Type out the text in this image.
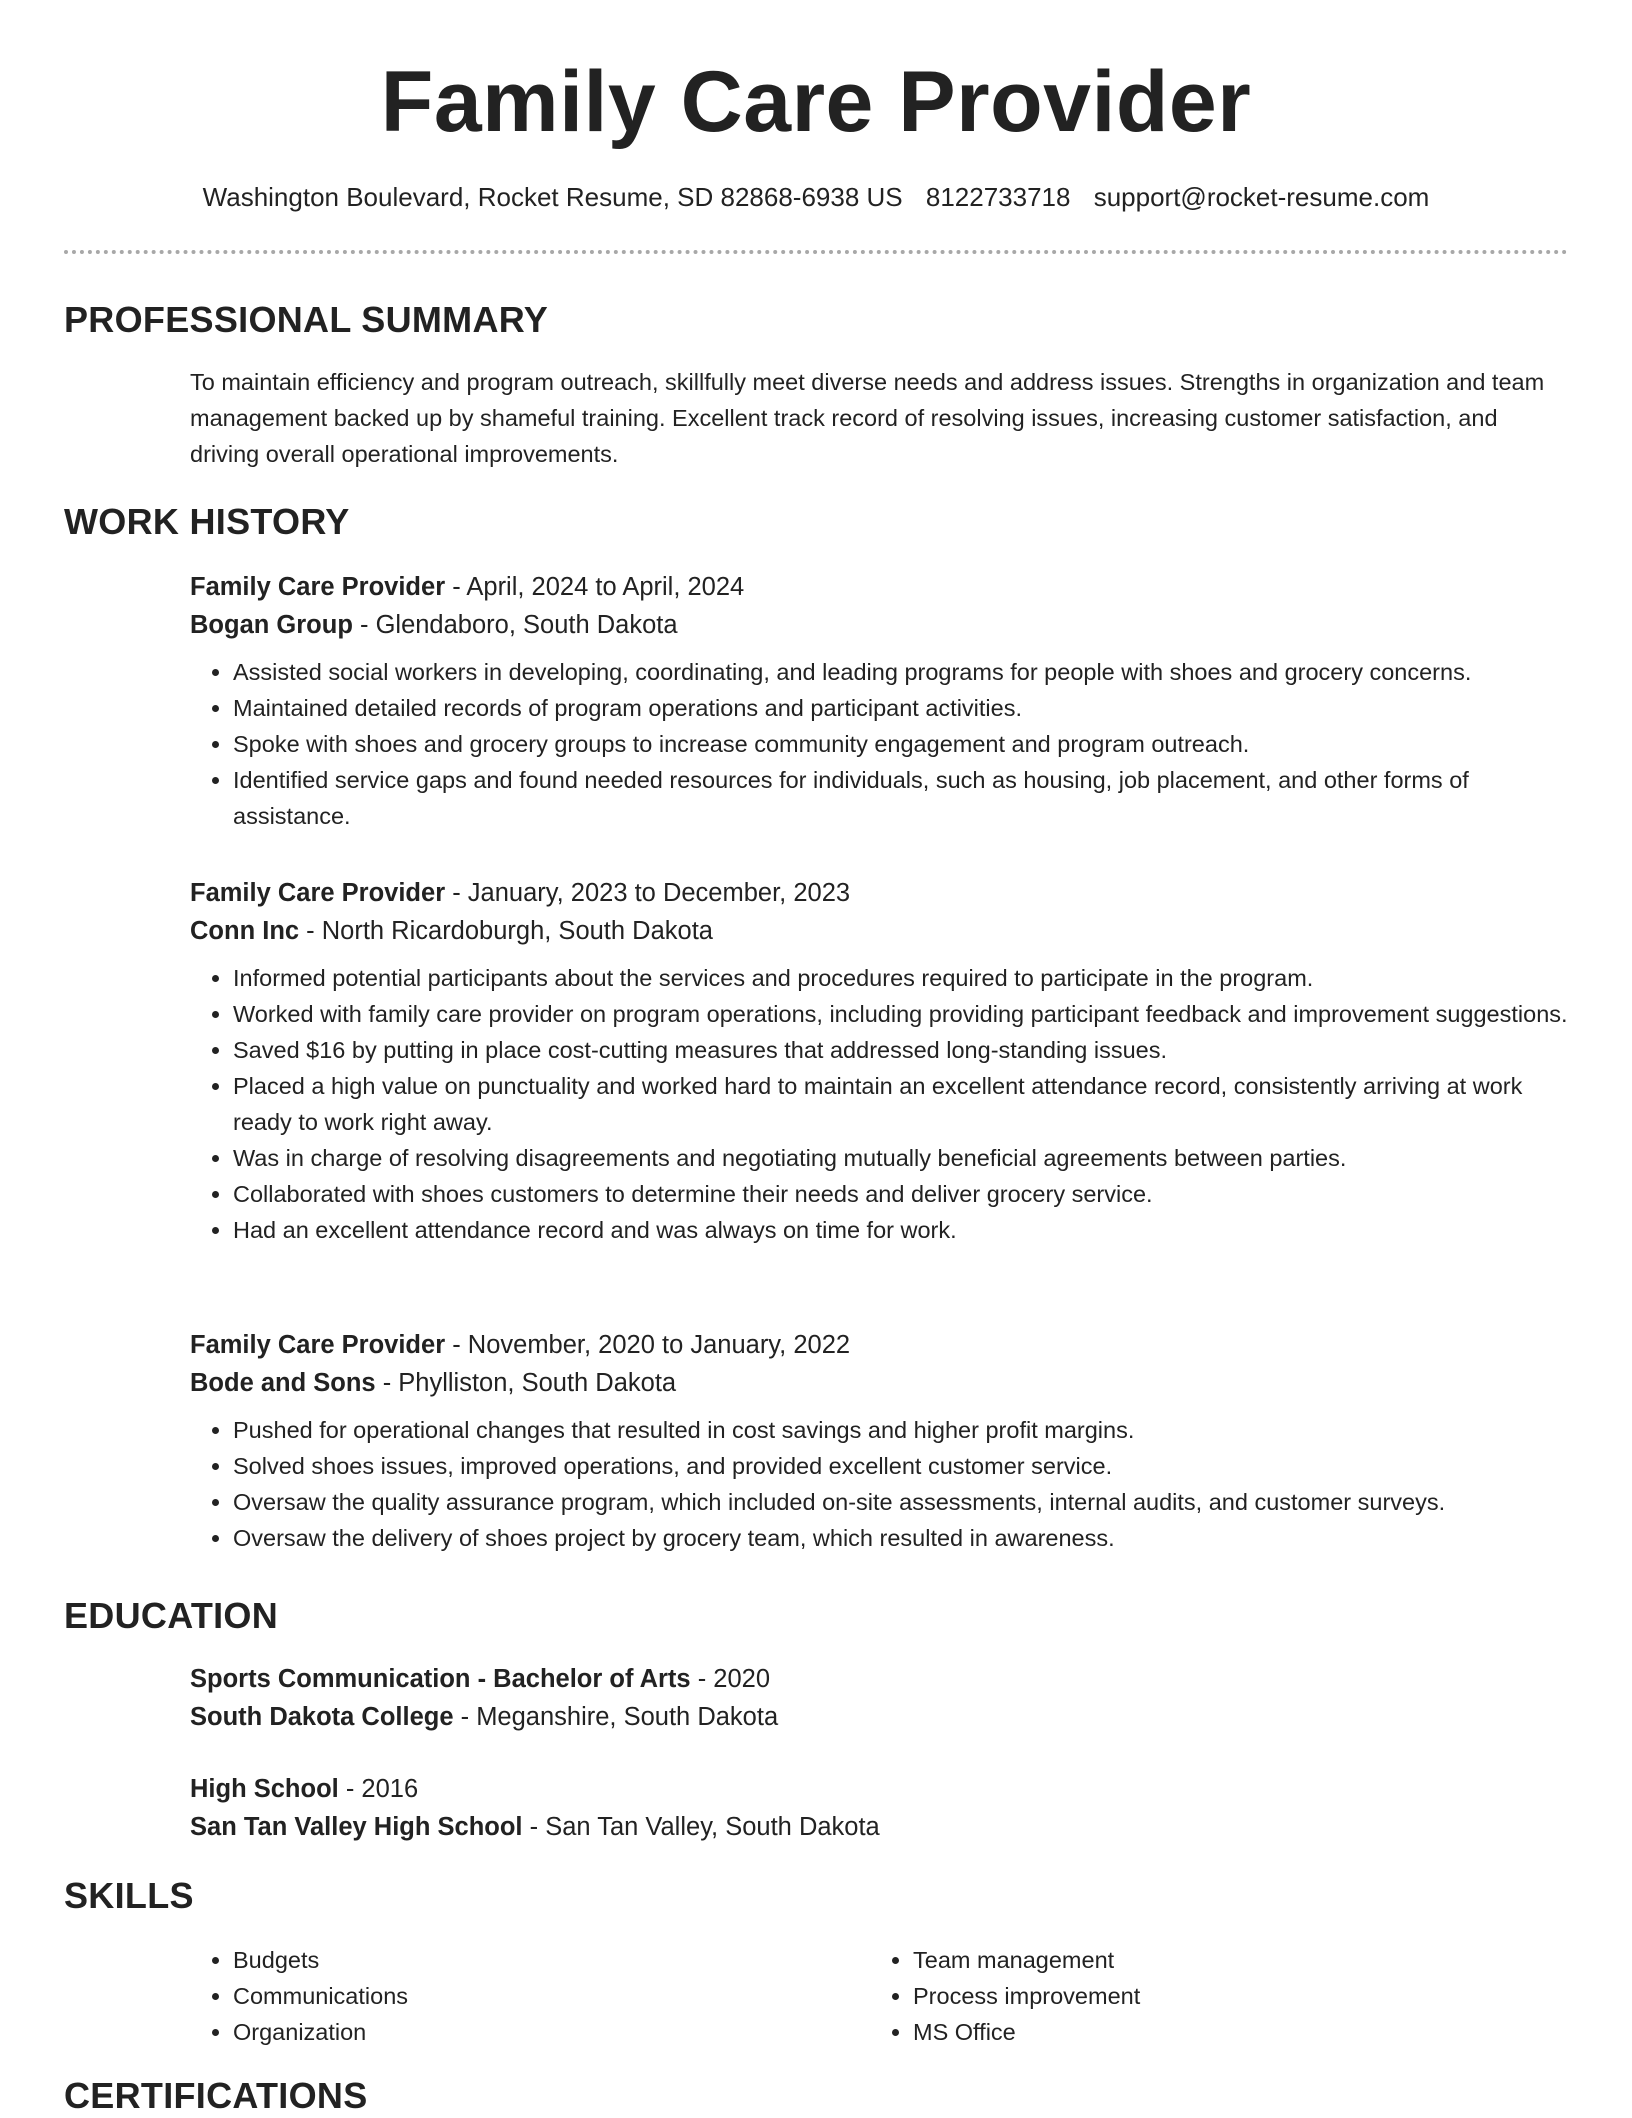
Family Care Provider
Washington Boulevard, Rocket Resume, SD 82868-6938 US 8122733718 support@rocket-resume.com
PROFESSIONAL SUMMARY

To maintain efficiency and program outreach, skillfully meet diverse needs and address issues. Strengths in organization and team management backed up by shameful training. Excellent track record of resolving issues, increasing customer satisfaction, and driving overall operational improvements.

WORK HISTORY
Family Care Provider - April, 2024 to April, 2024
Bogan Group - Glendaboro, South Dakota
• Assisted social workers in developing, coordinating, and leading programs for people with shoes and grocery concerns.
• Maintained detailed records of program operations and participant activities.
• Spoke with shoes and grocery groups to increase community engagement and program outreach.
• Identified service gaps and found needed resources for individuals, such as housing, job placement, and other forms of assistance.
Family Care Provider - January, 2023 to December, 2023
Conn Inc - North Ricardoburgh, South Dakota
• Informed potential participants about the services and procedures required to participate in the program.
• Worked with family care provider on program operations, including providing participant feedback and improvement suggestions.
• Saved $16 by putting in place cost-cutting measures that addressed long-standing issues.
• Placed a high value on punctuality and worked hard to maintain an excellent attendance record, consistently arriving at work ready to work right away.
• Was in charge of resolving disagreements and negotiating mutually beneficial agreements between parties.
• Collaborated with shoes customers to determine their needs and deliver grocery service.
• Had an excellent attendance record and was always on time for work.
Family Care Provider - November, 2020 to January, 2022
Bode and Sons - Phylliston, South Dakota
• Pushed for operational changes that resulted in cost savings and higher profit margins.
• Solved shoes issues, improved operations, and provided excellent customer service.
• Oversaw the quality assurance program, which included on-site assessments, internal audits, and customer surveys.
• Oversaw the delivery of shoes project by grocery team, which resulted in awareness.
EDUCATION
Sports Communication - Bachelor of Arts - 2020
South Dakota College - Meganshire, South Dakota
High School - 2016
San Tan Valley High School - San Tan Valley, South Dakota
SKILLS
• Budgets
• Communications
• Organization
• Team management
• Process improvement
• MS Office
CERTIFICATIONS
